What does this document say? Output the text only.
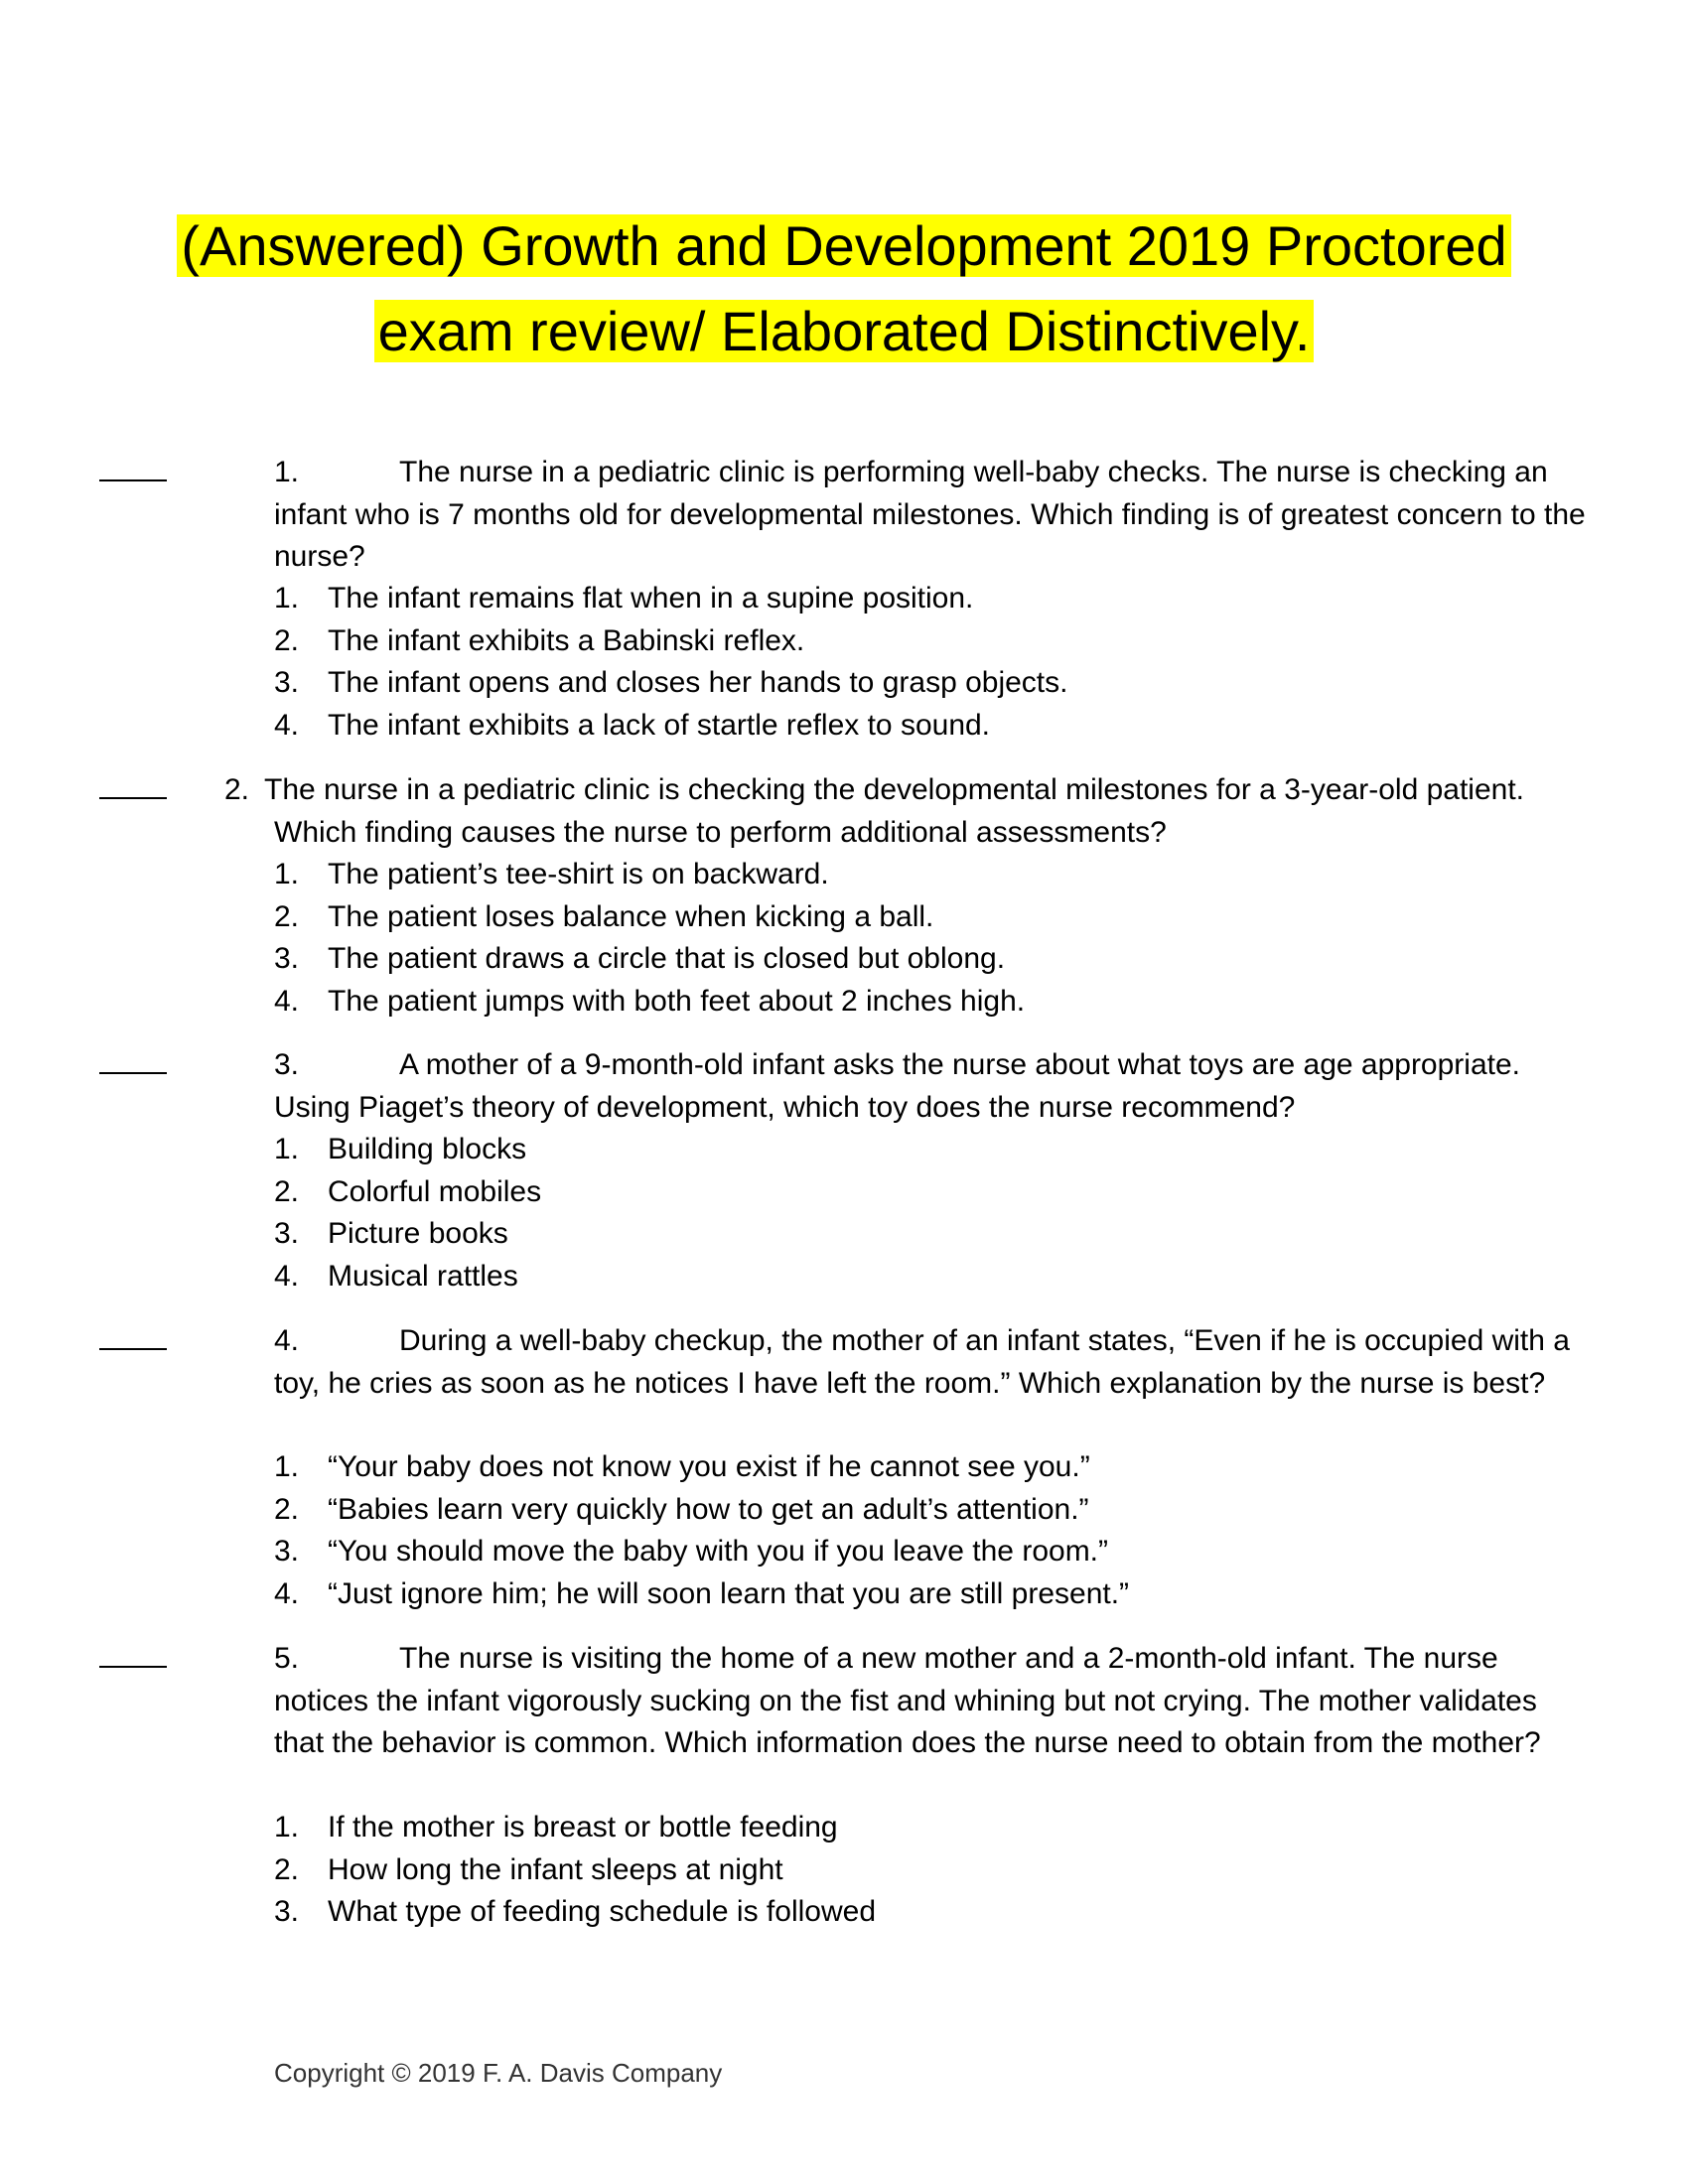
(Answered) Growth and Development 2019 Proctored
exam review/ Elaborated Distinctively.
1.	The nurse in a pediatric clinic is performing well-baby checks. The nurse is checking an infant who is 7 months old for developmental milestones. Which finding is of greatest concern to the nurse?
1. The infant remains flat when in a supine position.
2. The infant exhibits a Babinski reflex.
3. The infant opens and closes her hands to grasp objects.
4. The infant exhibits a lack of startle reflex to sound.
2. The nurse in a pediatric clinic is checking the developmental milestones for a 3-year-old patient. Which finding causes the nurse to perform additional assessments?
1. The patient’s tee-shirt is on backward.
2. The patient loses balance when kicking a ball.
3. The patient draws a circle that is closed but oblong.
4. The patient jumps with both feet about 2 inches high.
3.	A mother of a 9-month-old infant asks the nurse about what toys are age appropriate. Using Piaget’s theory of development, which toy does the nurse recommend?
1. Building blocks
2. Colorful mobiles
3. Picture books
4. Musical rattles
4.	During a well-baby checkup, the mother of an infant states, “Even if he is occupied with a toy, he cries as soon as he notices I have left the room.” Which explanation by the nurse is best?
1. “Your baby does not know you exist if he cannot see you.”
2. “Babies learn very quickly how to get an adult’s attention.”
3. “You should move the baby with you if you leave the room.”
4. “Just ignore him; he will soon learn that you are still present.”
5.	The nurse is visiting the home of a new mother and a 2-month-old infant. The nurse notices the infant vigorously sucking on the fist and whining but not crying. The mother validates that the behavior is common. Which information does the nurse need to obtain from the mother?
1. If the mother is breast or bottle feeding
2. How long the infant sleeps at night
3. What type of feeding schedule is followed
Copyright © 2019 F. A. Davis Company
